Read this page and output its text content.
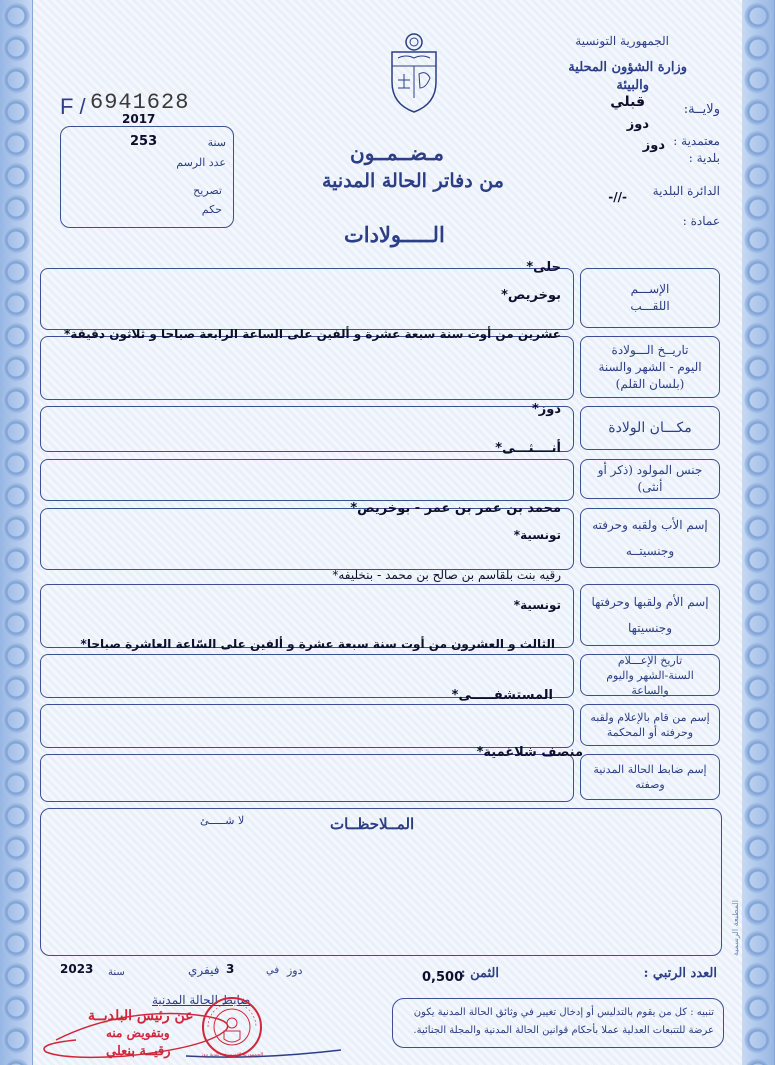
الجمهورية التونسية
وزارة الشؤون المحلية
والبيئة
ولايــة:
قبلي
دوز
معتمدية :
دوز
بلدية :
الدائرة البلدية
-//-
عمادة :
F / 6941628
2017
سنة
253
عدد الرسم
تصريح
حكم
مـضــمــون
من دفاتر الحالة المدنية
الـــــولادات
الإســـم
اللقـــب
حلى*
بوخريص*
تاريــخ الـــولادة
اليوم - الشهر والسنة
(بلسان القلم)
عشرين من أوت سنة سبعة عشرة و ألفين على الساعة الرابعة صباحا و ثلاثون دقيقة*
مكـــان الولادة
دوز*
جنس المولود (ذكر أو أنثى)
أنــــثـــى*
إسم الأب ولقبه وحرفته
وجنسيتــه
محمد بن عمر بن عمر - بوخريص*
تونسية*
إسم الأم ولقبها وحرفتها
وجنسيتها
رقيه بنت بلقاسم بن صالح بن محمد - بنخليفه*
تونسية*
تاريخ الإعـــلام
السنة-الشهر واليوم والساعة
الثالث و العشرون من أوت سنة سبعة عشرة و ألفين على السّاعة العاشرة صباحا*
إسم من قام بالإعلام ولقبه
وحرفته أو المحكمة
المستشفـــــى*
إسم ضابط الحالة المدنية
وصفته
منصف شلاغمية*
المــلاحظــات
لا شـــــئ
المطبعة الرسمية
العدد الرتبي :
الثمن :
0,500
دوز
في
3
فيفري
سنة
2023
ضابط الحالة المدنية
عن رئيس البلديــة
وبتفويض منه
رقيــة بنعلي	الجمهورية التونسية - بلدية دوز
تنبيه : كل من يقوم بالتدليس أو إدخال تغيير في وثائق الحالة المدنية يكون عرضة للتتبعات العدلية عملا بأحكام قوانين الحالة المدنية والمجلة الجنائية.
